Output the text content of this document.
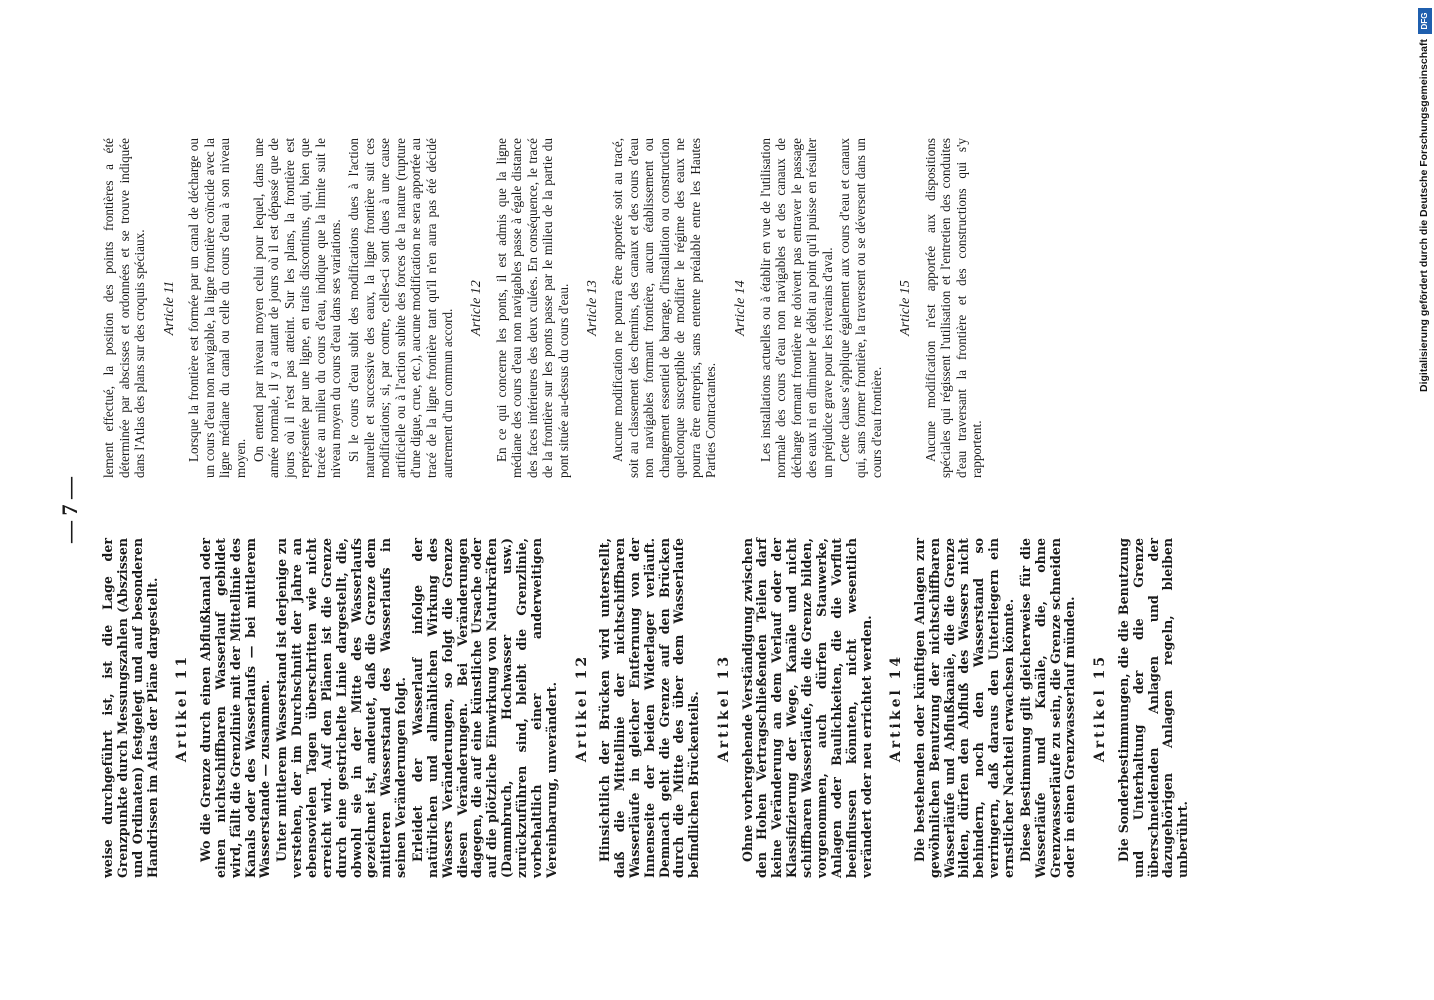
— 7 —

weise durchgeführt ist, ist die Lage der Grenzpunkte durch Messungszahlen (Abszissen und Ordinaten) festgelegt und auf besonderen Handrissen im Atlas der Pläne dargestellt. Artikel 11 Wo die Grenze durch einen Abflußkanal oder einen nichtschiffbaren Wasserlauf gebildet wird, fällt die Grenzlinie mit der Mittellinie des Kanals oder des Wasserlaufs — bei mittlerem Wasserstande — zusammen. Unter mittlerem Wasserstand ist derjenige zu verstehen, der im Durchschnitt der Jahre an ebensovielen Tagen überschritten wie nicht erreicht wird. Auf den Plänen ist die Grenze durch eine gestrichelte Linie dargestellt, die, obwohl sie in der Mitte des Wasserlaufs gezeichnet ist, andeutet, daß die Grenze dem mittleren Wasserstand des Wasserlaufs in seinen Veränderungen folgt. Erleidet der Wasserlauf infolge der natürlichen und allmählichen Wirkung des Wassers Veränderungen, so folgt die Grenze diesen Veränderungen. Bei Veränderungen dagegen, die auf eine künstliche Ursache oder auf die plötzliche Einwirkung von Naturkräften (Dammbruch, Hochwasser usw.) zurückzuführen sind, bleibt die Grenzlinie, vorbehaltlich einer anderweitigen Vereinbarung, unverändert. Artikel 12 Hinsichtlich der Brücken wird unterstellt, daß die Mittellinie der nichtschiffbaren Wasserläufe in gleicher Entfernung von der Innenseite der beiden Widerlager verläuft. Demnach geht die Grenze auf den Brücken durch die Mitte des über dem Wasserlaufe befindlichen Brückenteils. Artikel 13 Ohne vorhergehende Verständigung zwischen den Hohen Vertragschließenden Teilen darf keine Veränderung an dem Verlauf oder der Klassifizierung der Wege, Kanäle und nicht schiffbaren Wasserläufe, die die Grenze bilden, vorgenommen, auch dürfen Stauwerke, Anlagen oder Baulichkeiten, die die Vorflut beeinflussen könnten, nicht wesentlich verändert oder neu errichtet werden. Artikel 14 Die bestehenden oder künftigen Anlagen zur gewöhnlichen Benutzung der nichtschiffbaren Wasserläufe und Abflußkanäle, die die Grenze bilden, dürfen den Abfluß des Wassers nicht behindern, noch den Wasserstand so verringern, daß daraus den Unterliegern ein ernstlicher Nachteil erwachsen könnte. Diese Bestimmung gilt gleicherweise für die Wasserläufe und Kanäle, die, ohne Grenzwasserläufe zu sein, die Grenze schneiden oder in einen Grenzwasserlauf münden. Artikel 15 Die Sonderbestimmungen, die die Benutzung und Unterhaltung der die Grenze überschneidenden Anlagen und der dazugehörigen Anlagen regeln, bleiben unberührt.

lement effectué, la position des points frontières a été déterminée par abscisses et ordonnées et se trouve indiquée dans l'Atlas des plans sur des croquis spéciaux. Article 11 Lorsque la frontière est formée par un canal de décharge ou un cours d'eau non navigable, la ligne frontière coïncide avec la ligne médiane du canal ou celle du cours d'eau à son niveau moyen. On entend par niveau moyen celui pour lequel, dans une année normale, il y a autant de jours où il est dépassé que de jours où il n'est pas atteint. Sur les plans, la frontière est représentée par une ligne, en traits discontinus, qui, bien que tracée au milieu du cours d'eau, indique que la limite suit le niveau moyen du cours d'eau dans ses variations. Si le cours d'eau subit des modifications dues à l'action naturelle et successive des eaux, la ligne frontière suit ces modifications; si, par contre, celles-ci sont dues à une cause artificielle ou à l'action subite des forces de la nature (rupture d'une digue, crue, etc.), aucune modification ne sera apportée au tracé de la ligne frontière tant qu'il n'en aura pas été décidé autrement d'un commun accord.

Article 12 En ce qui concerne les ponts, il est admis que la ligne médiane des cours d'eau non navigables passe à égale distance des faces intérieures des deux culées. En conséquence, le tracé de la frontière sur les ponts passe par le milieu de la partie du pont située au-dessus du cours d'eau. Article 13 Aucune modification ne pourra être apportée soit au tracé, soit au classement des chemins, des canaux et des cours d'eau non navigables formant frontière, aucun établissement ou changement essentiel de barrage, d'installation ou construction quelconque susceptible de modifier le régime des eaux ne pourra être entrepris, sans entente préalable entre les Hautes Parties Contractantes.

Article 14 Les installations actuelles ou à établir en vue de l'utilisation normale des cours d'eau non navigables et des canaux de décharge formant frontière ne doivent pas entraver le passage des eaux ni en diminuer le débit au point qu'il puisse en résulter un préjudice grave pour les riverains d'aval. Cette clause s'applique également aux cours d'eau et canaux qui, sans former frontière, la traversent ou se déversent dans un cours d'eau frontière.

Article 15 Aucune modification n'est apportée aux dispositions spéciales qui régissent l'utilisation et l'entretien des conduites d'eau traversant la frontière et des constructions qui s'y rapportent.

Digitalisierung gefördert durch die Deutsche Forschungsgemeinschaft
DFG
